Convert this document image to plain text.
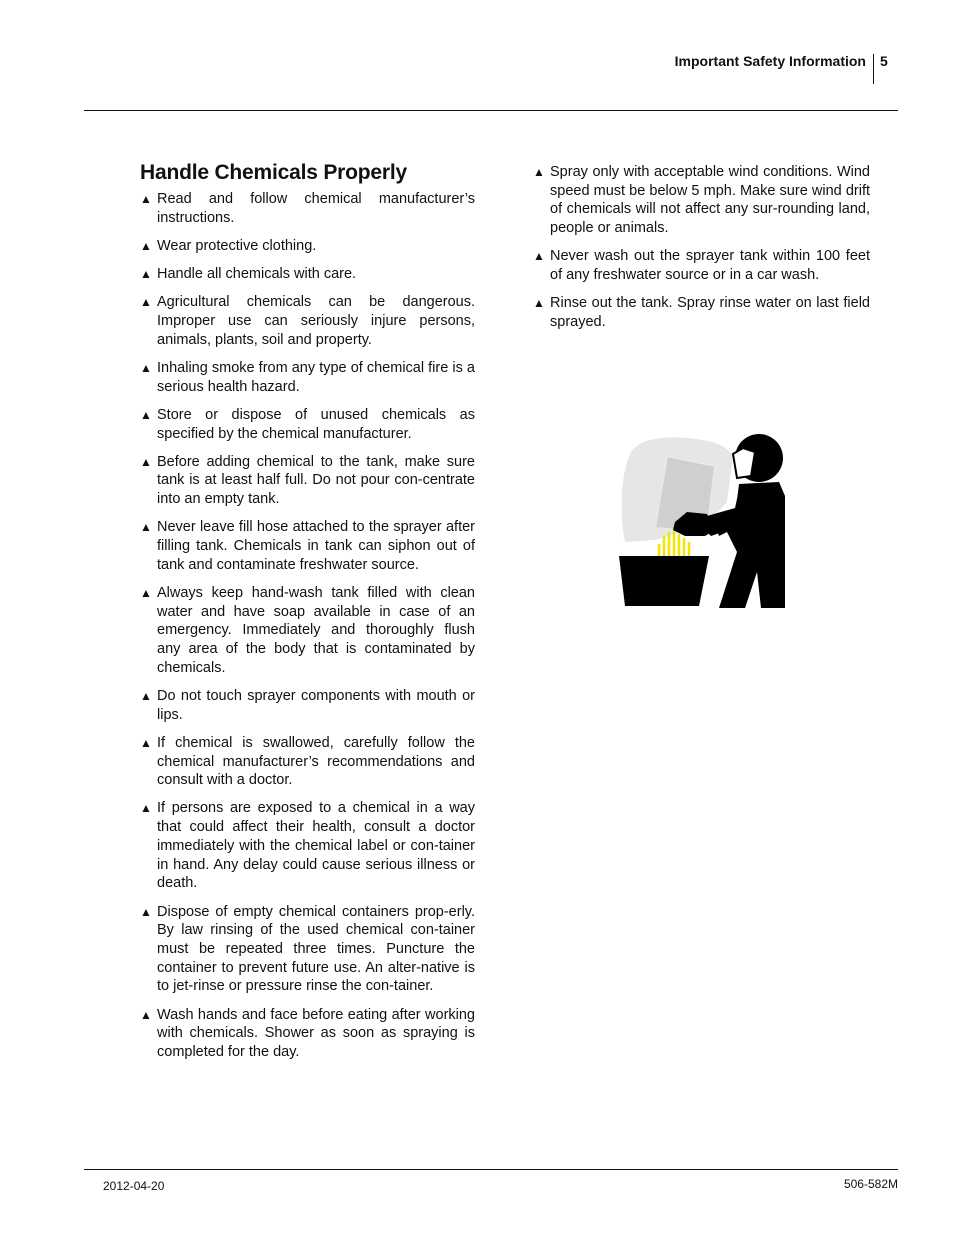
Important Safety Information 5
Handle Chemicals Properly
▲ Read and follow chemical manufacturer’s instructions.
▲ Wear protective clothing.
▲ Handle all chemicals with care.
▲ Agricultural chemicals can be dangerous. Improper use can seriously injure persons, animals, plants, soil and property.
▲ Inhaling smoke from any type of chemical fire is a serious health hazard.
▲ Store or dispose of unused chemicals as specified by the chemical manufacturer.
▲ Before adding chemical to the tank, make sure tank is at least half full. Do not pour con-centrate into an empty tank.
▲ Never leave fill hose attached to the sprayer after filling tank. Chemicals in tank can siphon out of tank and contaminate freshwater source.
▲ Always keep hand-wash tank filled with clean water and have soap available in case of an emergency. Immediately and thoroughly flush any area of the body that is contaminated by chemicals.
▲ Do not touch sprayer components with mouth or lips.
▲ If chemical is swallowed, carefully follow the chemical manufacturer’s recommendations and consult with a doctor.
▲ If persons are exposed to a chemical in a way that could affect their health, consult a doctor immediately with the chemical label or con-tainer in hand. Any delay could cause serious illness or death.
▲ Dispose of empty chemical containers prop-erly. By law rinsing of the used chemical con-tainer must be repeated three times. Puncture the container to prevent future use. An alter-native is to jet-rinse or pressure rinse the con-tainer.
▲ Wash hands and face before eating after working with chemicals. Shower as soon as spraying is completed for the day.
▲ Spray only with acceptable wind conditions. Wind speed must be below 5 mph. Make sure wind drift of chemicals will not affect any sur-rounding land, people or animals.
▲ Never wash out the sprayer tank within 100 feet of any freshwater source or in a car wash.
▲ Rinse out the tank. Spray rinse water on last field sprayed.
2012-04-20	506-582M
